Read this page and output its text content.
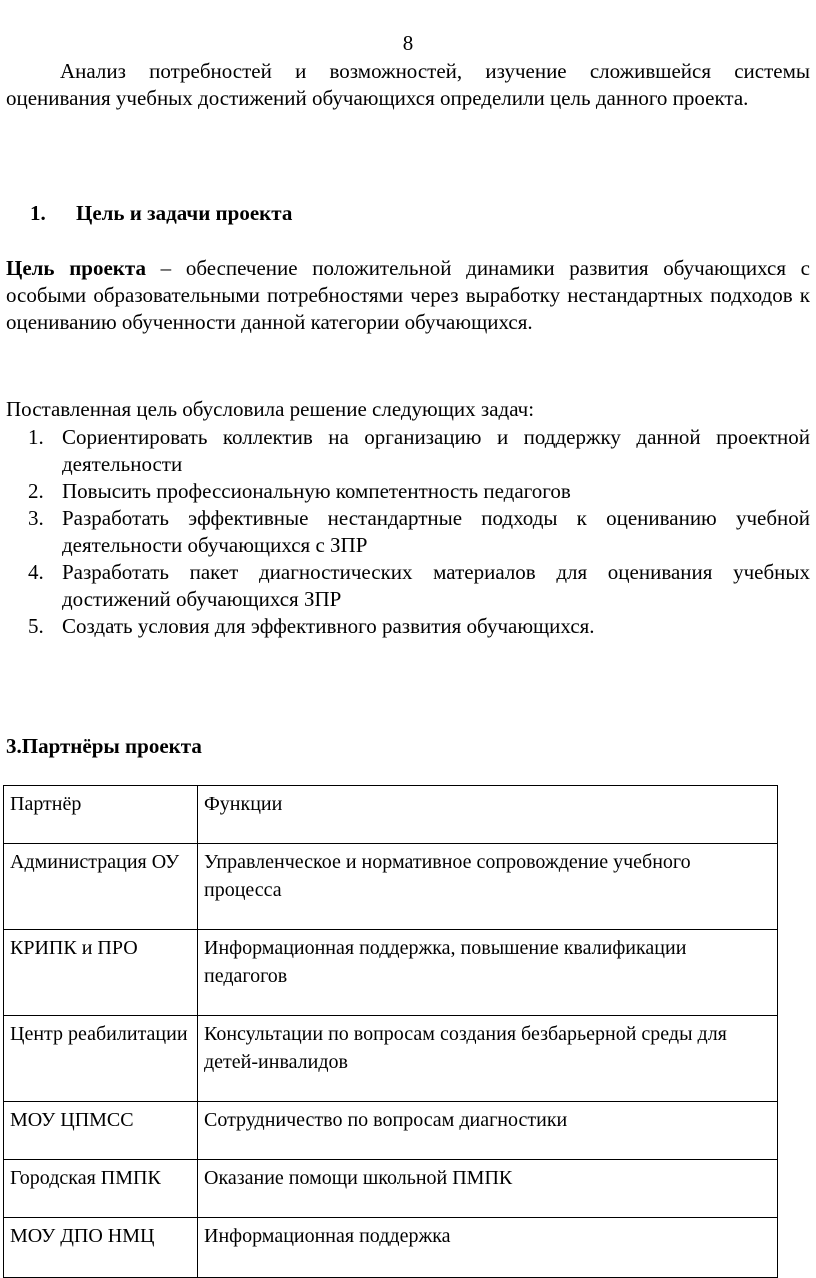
8

Анализ потребностей и возможностей, изучение сложившейся системы оценивания учебных достижений обучающихся определили цель данного проекта.

1. Цель и задачи проекта

Цель проекта – обеспечение положительной динамики развития обучающихся с особыми образовательными потребностями через выработку нестандартных подходов к оцениванию обученности данной категории обучающихся.

Поставленная цель обусловила решение следующих задач:

1. Сориентировать коллектив на организацию и поддержку данной проектной деятельности
2. Повысить профессиональную компетентность педагогов
3. Разработать эффективные нестандартные подходы к оцениванию учебной деятельности обучающихся с ЗПР
4. Разработать пакет диагностических материалов для оценивания учебных достижений обучающихся ЗПР
5. Создать условия для эффективного развития обучающихся.

3.Партнёры проекта

Партнёр	Функции
Администрация ОУ	Управленческое и нормативное сопровождение учебного процесса
КРИПК и ПРО	Информационная поддержка, повышение квалификации педагогов
Центр реабилитации	Консультации по вопросам создания безбарьерной среды для детей-инвалидов
МОУ ЦПМСС	Сотрудничество по вопросам диагностики
Городская ПМПК	Оказание помощи школьной ПМПК
МОУ ДПО НМЦ	Информационная поддержка
